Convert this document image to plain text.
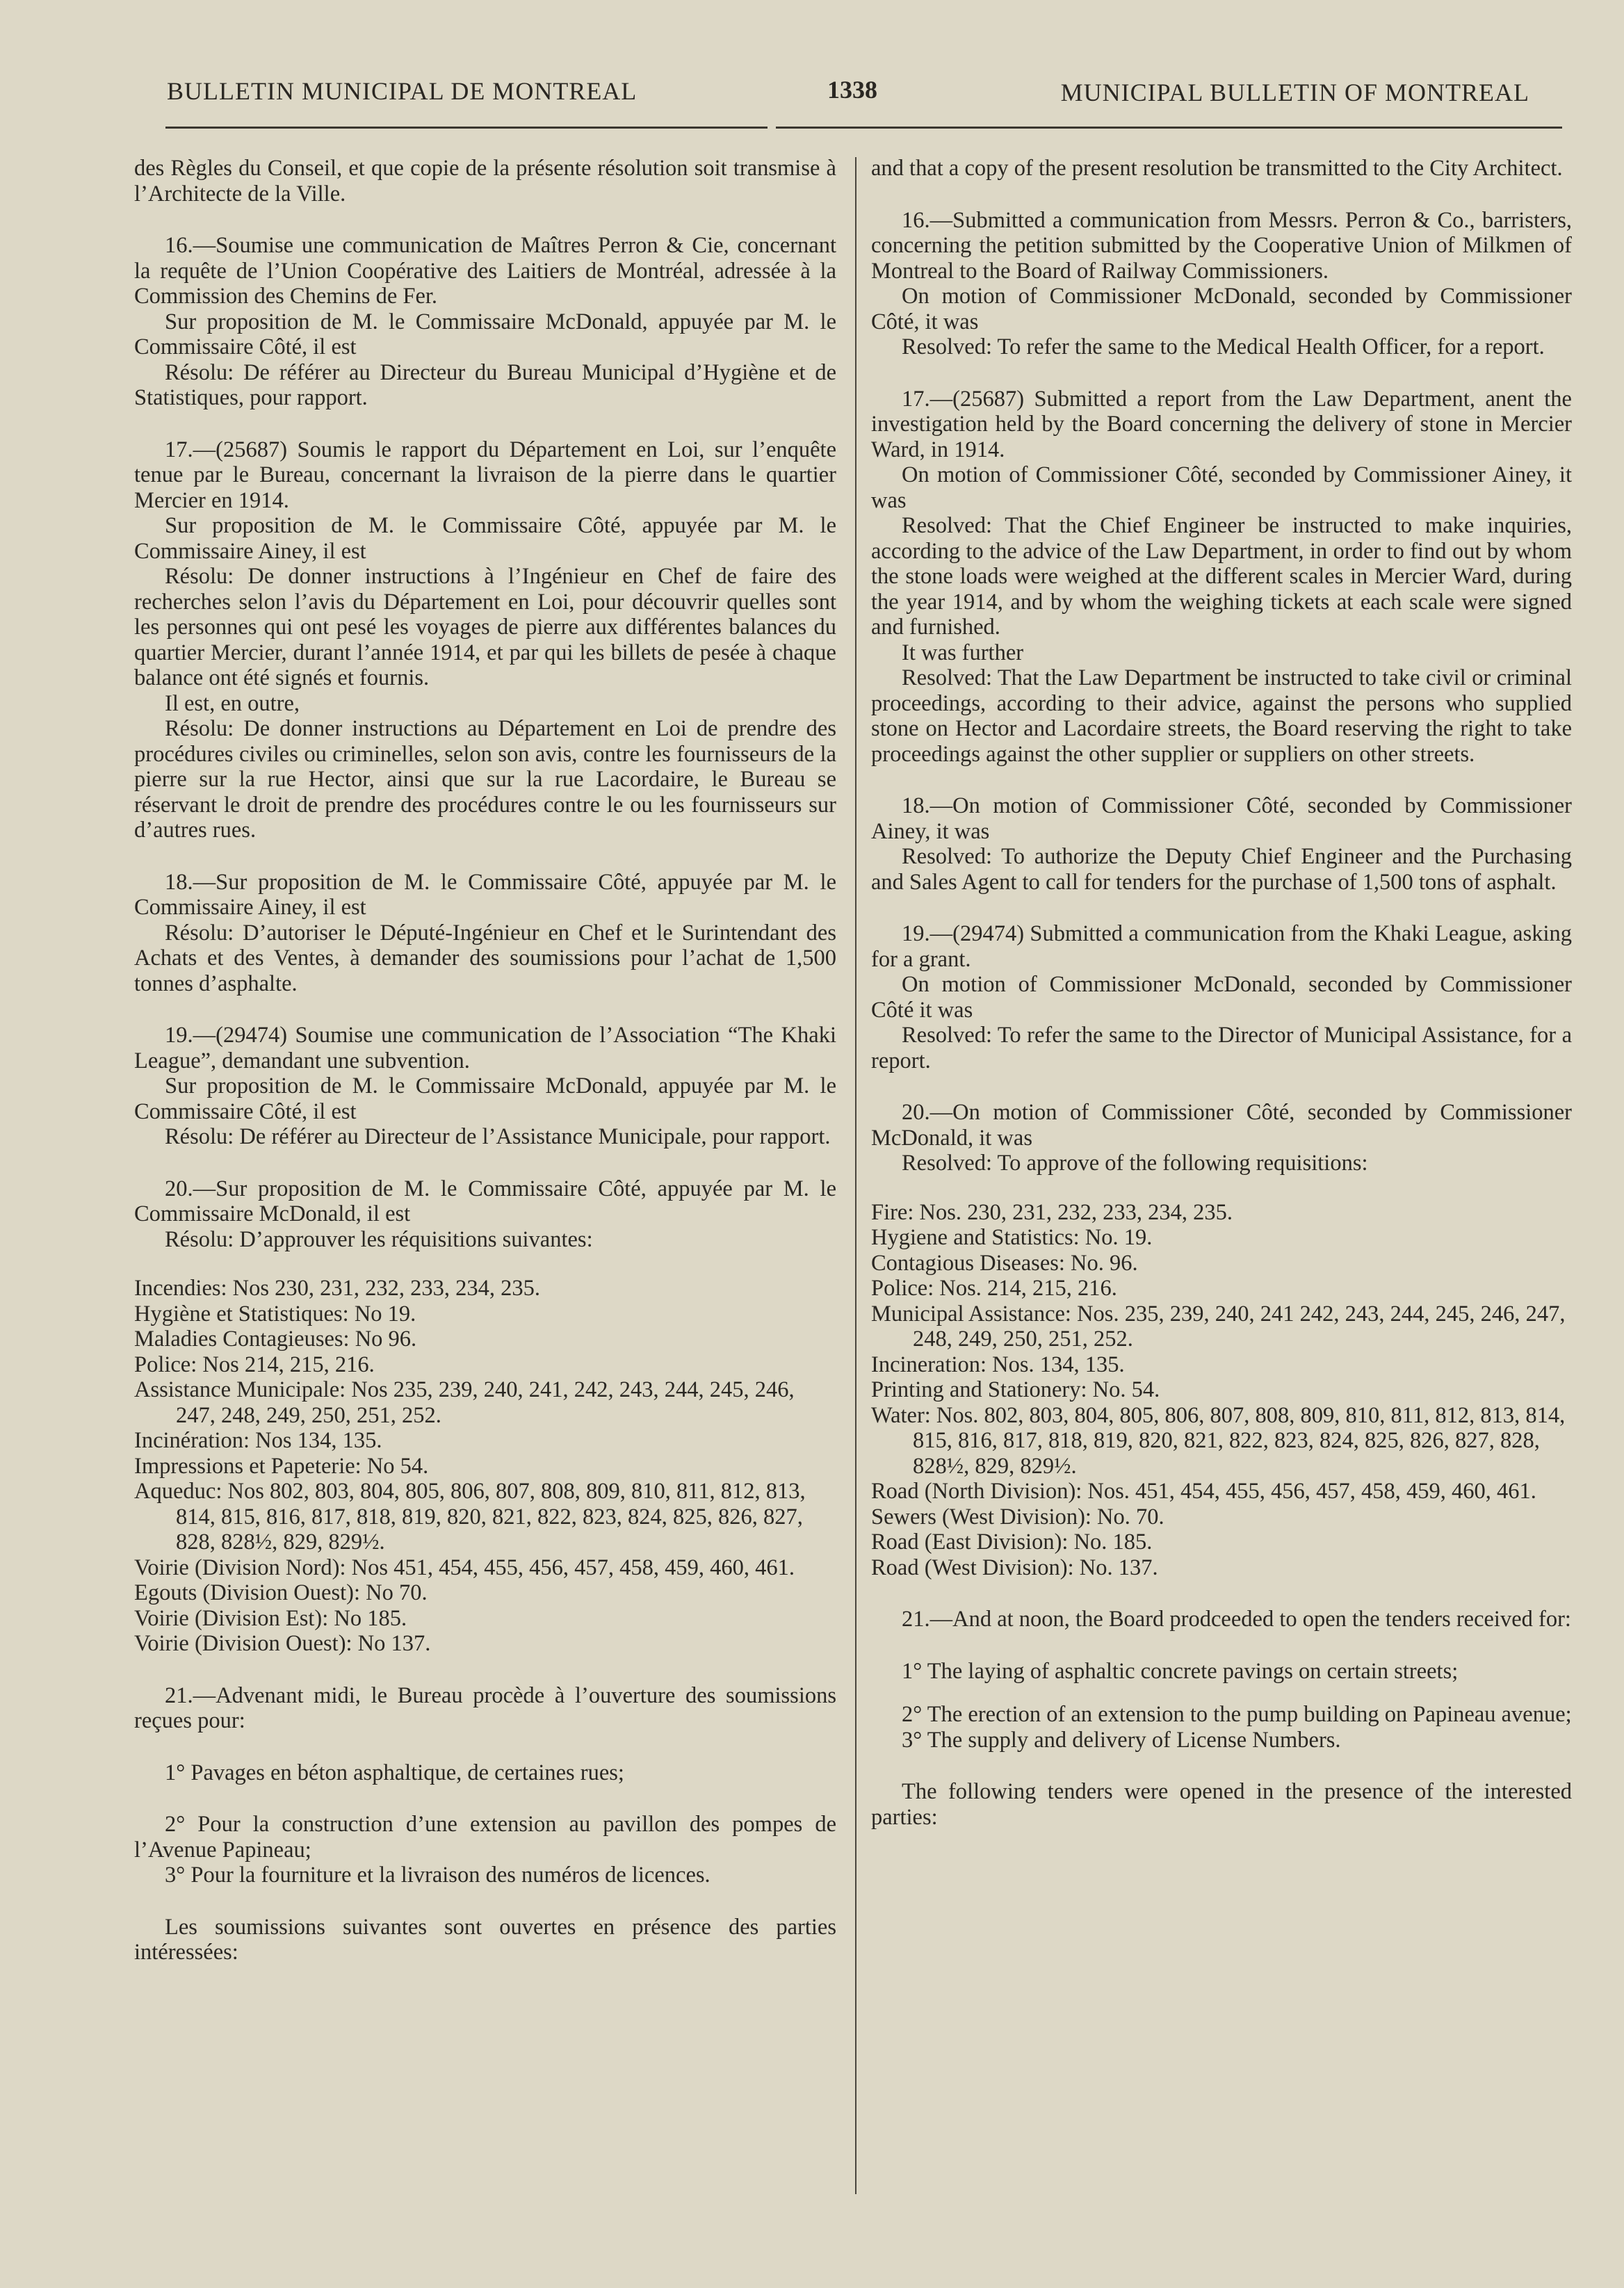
BULLETIN MUNICIPAL DE MONTREAL	1338	MUNICIPAL BULLETIN OF MONTREAL

des Règles du Conseil, et que copie de la présente résolution soit transmise à l’Architecte de la Ville.

16.—Soumise une communication de Maîtres Perron & Cie, concernant la requête de l’Union Coopérative des Laitiers de Montréal, adressée à la Commission des Chemins de Fer.

Sur proposition de M. le Commissaire McDonald, appuyée par M. le Commissaire Côté, il est

Résolu: De référer au Directeur du Bureau Municipal d’Hygiène et de Statistiques, pour rapport.

17.—(25687) Soumis le rapport du Département en Loi, sur l’enquête tenue par le Bureau, concernant la livraison de la pierre dans le quartier Mercier en 1914.

Sur proposition de M. le Commissaire Côté, appuyée par M. le Commissaire Ainey, il est

Résolu: De donner instructions à l’Ingénieur en Chef de faire des recherches selon l’avis du Département en Loi, pour découvrir quelles sont les personnes qui ont pesé les voyages de pierre aux différentes balances du quartier Mercier, durant l’année 1914, et par qui les billets de pesée à chaque balance ont été signés et fournis.

Il est, en outre,

Résolu: De donner instructions au Département en Loi de prendre des procédures civiles ou criminelles, selon son avis, contre les fournisseurs de la pierre sur la rue Hector, ainsi que sur la rue Lacordaire, le Bureau se réservant le droit de prendre des procédures contre le ou les fournisseurs sur d’autres rues.

18.—Sur proposition de M. le Commissaire Côté, appuyée par M. le Commissaire Ainey, il est

Résolu: D’autoriser le Député-Ingénieur en Chef et le Surintendant des Achats et des Ventes, à demander des soumissions pour l’achat de 1,500 tonnes d’asphalte.

19.—(29474) Soumise une communication de l’Association “The Khaki League”, demandant une subvention.

Sur proposition de M. le Commissaire McDonald, appuyée par M. le Commissaire Côté, il est

Résolu: De référer au Directeur de l’Assistance Municipale, pour rapport.

20.—Sur proposition de M. le Commissaire Côté, appuyée par M. le Commissaire McDonald, il est

Résolu: D’approuver les réquisitions suivantes:

Incendies: Nos 230, 231, 232, 233, 234, 235.

Hygiène et Statistiques: No 19.

Maladies Contagieuses: No 96.

Police: Nos 214, 215, 216.

Assistance Municipale: Nos 235, 239, 240, 241, 242, 243, 244, 245, 246, 247, 248, 249, 250, 251, 252.

Incinération: Nos 134, 135.

Impressions et Papeterie: No 54.

Aqueduc: Nos 802, 803, 804, 805, 806, 807, 808, 809, 810, 811, 812, 813, 814, 815, 816, 817, 818, 819, 820, 821, 822, 823, 824, 825, 826, 827, 828, 828½, 829, 829½.

Voirie (Division Nord): Nos 451, 454, 455, 456, 457, 458, 459, 460, 461.

Egouts (Division Ouest): No 70.

Voirie (Division Est): No 185.

Voirie (Division Ouest): No 137.

21.—Advenant midi, le Bureau procède à l’ouverture des soumissions reçues pour:

1° Pavages en béton asphaltique, de certaines rues;

2° Pour la construction d’une extension au pavillon des pompes de l’Avenue Papineau;

3° Pour la fourniture et la livraison des numéros de licences.

Les soumissions suivantes sont ouvertes en présence des parties intéressées:

and that a copy of the present resolution be transmitted to the City Architect.

16.—Submitted a communication from Messrs. Perron & Co., barristers, concerning the petition submitted by the Cooperative Union of Milkmen of Montreal to the Board of Railway Commissioners.

On motion of Commissioner McDonald, seconded by Commissioner Côté, it was

Resolved: To refer the same to the Medical Health Officer, for a report.

17.—(25687) Submitted a report from the Law Department, anent the investigation held by the Board concerning the delivery of stone in Mercier Ward, in 1914.

On motion of Commissioner Côté, seconded by Commissioner Ainey, it was

Resolved: That the Chief Engineer be instructed to make inquiries, according to the advice of the Law Department, in order to find out by whom the stone loads were weighed at the different scales in Mercier Ward, during the year 1914, and by whom the weighing tickets at each scale were signed and furnished.

It was further

Resolved: That the Law Department be instructed to take civil or criminal proceedings, according to their advice, against the persons who supplied stone on Hector and Lacordaire streets, the Board reserving the right to take proceedings against the other supplier or suppliers on other streets.

18.—On motion of Commissioner Côté, seconded by Commissioner Ainey, it was

Resolved: To authorize the Deputy Chief Engineer and the Purchasing and Sales Agent to call for tenders for the purchase of 1,500 tons of asphalt.

19.—(29474) Submitted a communication from the Khaki League, asking for a grant.

On motion of Commissioner McDonald, seconded by Commissioner Côté it was

Resolved: To refer the same to the Director of Municipal Assistance, for a report.

20.—On motion of Commissioner Côté, seconded by Commissioner McDonald, it was

Resolved: To approve of the following requisitions:

Fire: Nos. 230, 231, 232, 233, 234, 235.

Hygiene and Statistics: No. 19.

Contagious Diseases: No. 96.

Police: Nos. 214, 215, 216.

Municipal Assistance: Nos. 235, 239, 240, 241 242, 243, 244, 245, 246, 247, 248, 249, 250, 251, 252.

Incineration: Nos. 134, 135.

Printing and Stationery: No. 54.

Water: Nos. 802, 803, 804, 805, 806, 807, 808, 809, 810, 811, 812, 813, 814, 815, 816, 817, 818, 819, 820, 821, 822, 823, 824, 825, 826, 827, 828, 828½, 829, 829½.

Road (North Division): Nos. 451, 454, 455, 456, 457, 458, 459, 460, 461.

Sewers (West Division): No. 70.

Road (East Division): No. 185.

Road (West Division): No. 137.

21.—And at noon, the Board prodceeded to open the tenders received for:

1° The laying of asphaltic concrete pavings on certain streets;

2° The erection of an extension to the pump building on Papineau avenue;

3° The supply and delivery of License Numbers.

The following tenders were opened in the presence of the interested parties:
